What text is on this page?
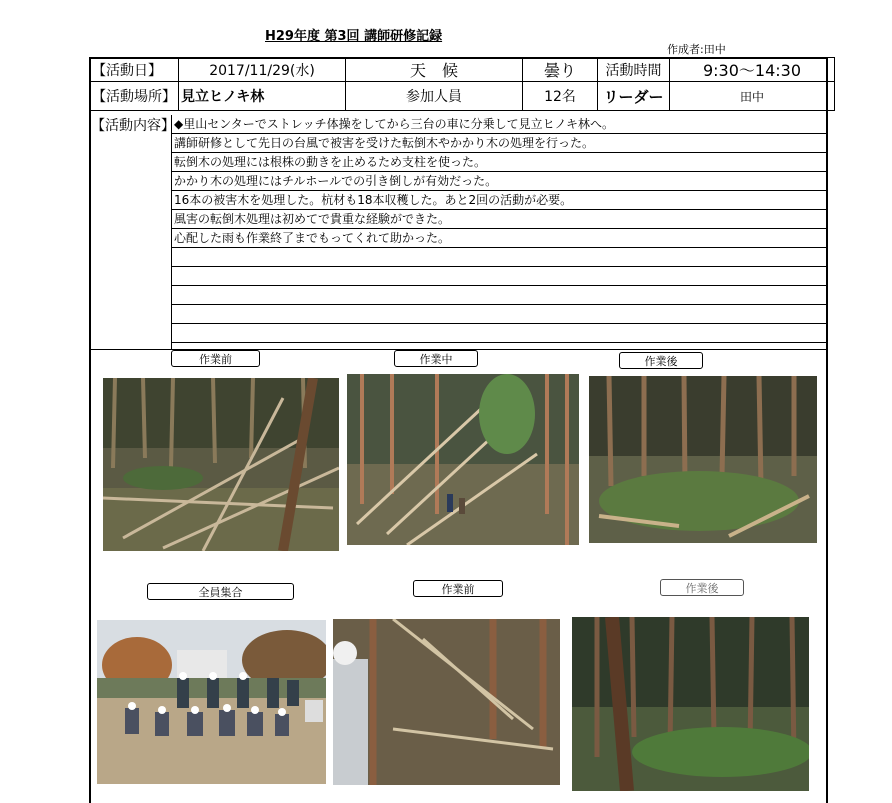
H29年度 第3回 講師研修記録
作成者:田中
【活動日】	2017/11/29(水)	天　候	曇り	活動時間	9:30〜14:30
【活動場所】	見立ヒノキ林	参加人員	12名	リーダー	田中
【活動内容】 ◆里山センターでストレッチ体操をしてから三台の車に分乗して見立ヒノキ林へ。
講師研修として先日の台風で被害を受けた転倒木やかかり木の処理を行った。
転倒木の処理には根株の動きを止めるため支柱を使った。
かかり木の処理にはチルホールでの引き倒しが有効だった。
16本の被害木を処理した。杭材も18本収穫した。あと2回の活動が必要。
風害の転倒木処理は初めてで貴重な経験ができた。
心配した雨も作業終了までもってくれて助かった。
作業前	作業中	作業後
全員集合	作業前	作業後
